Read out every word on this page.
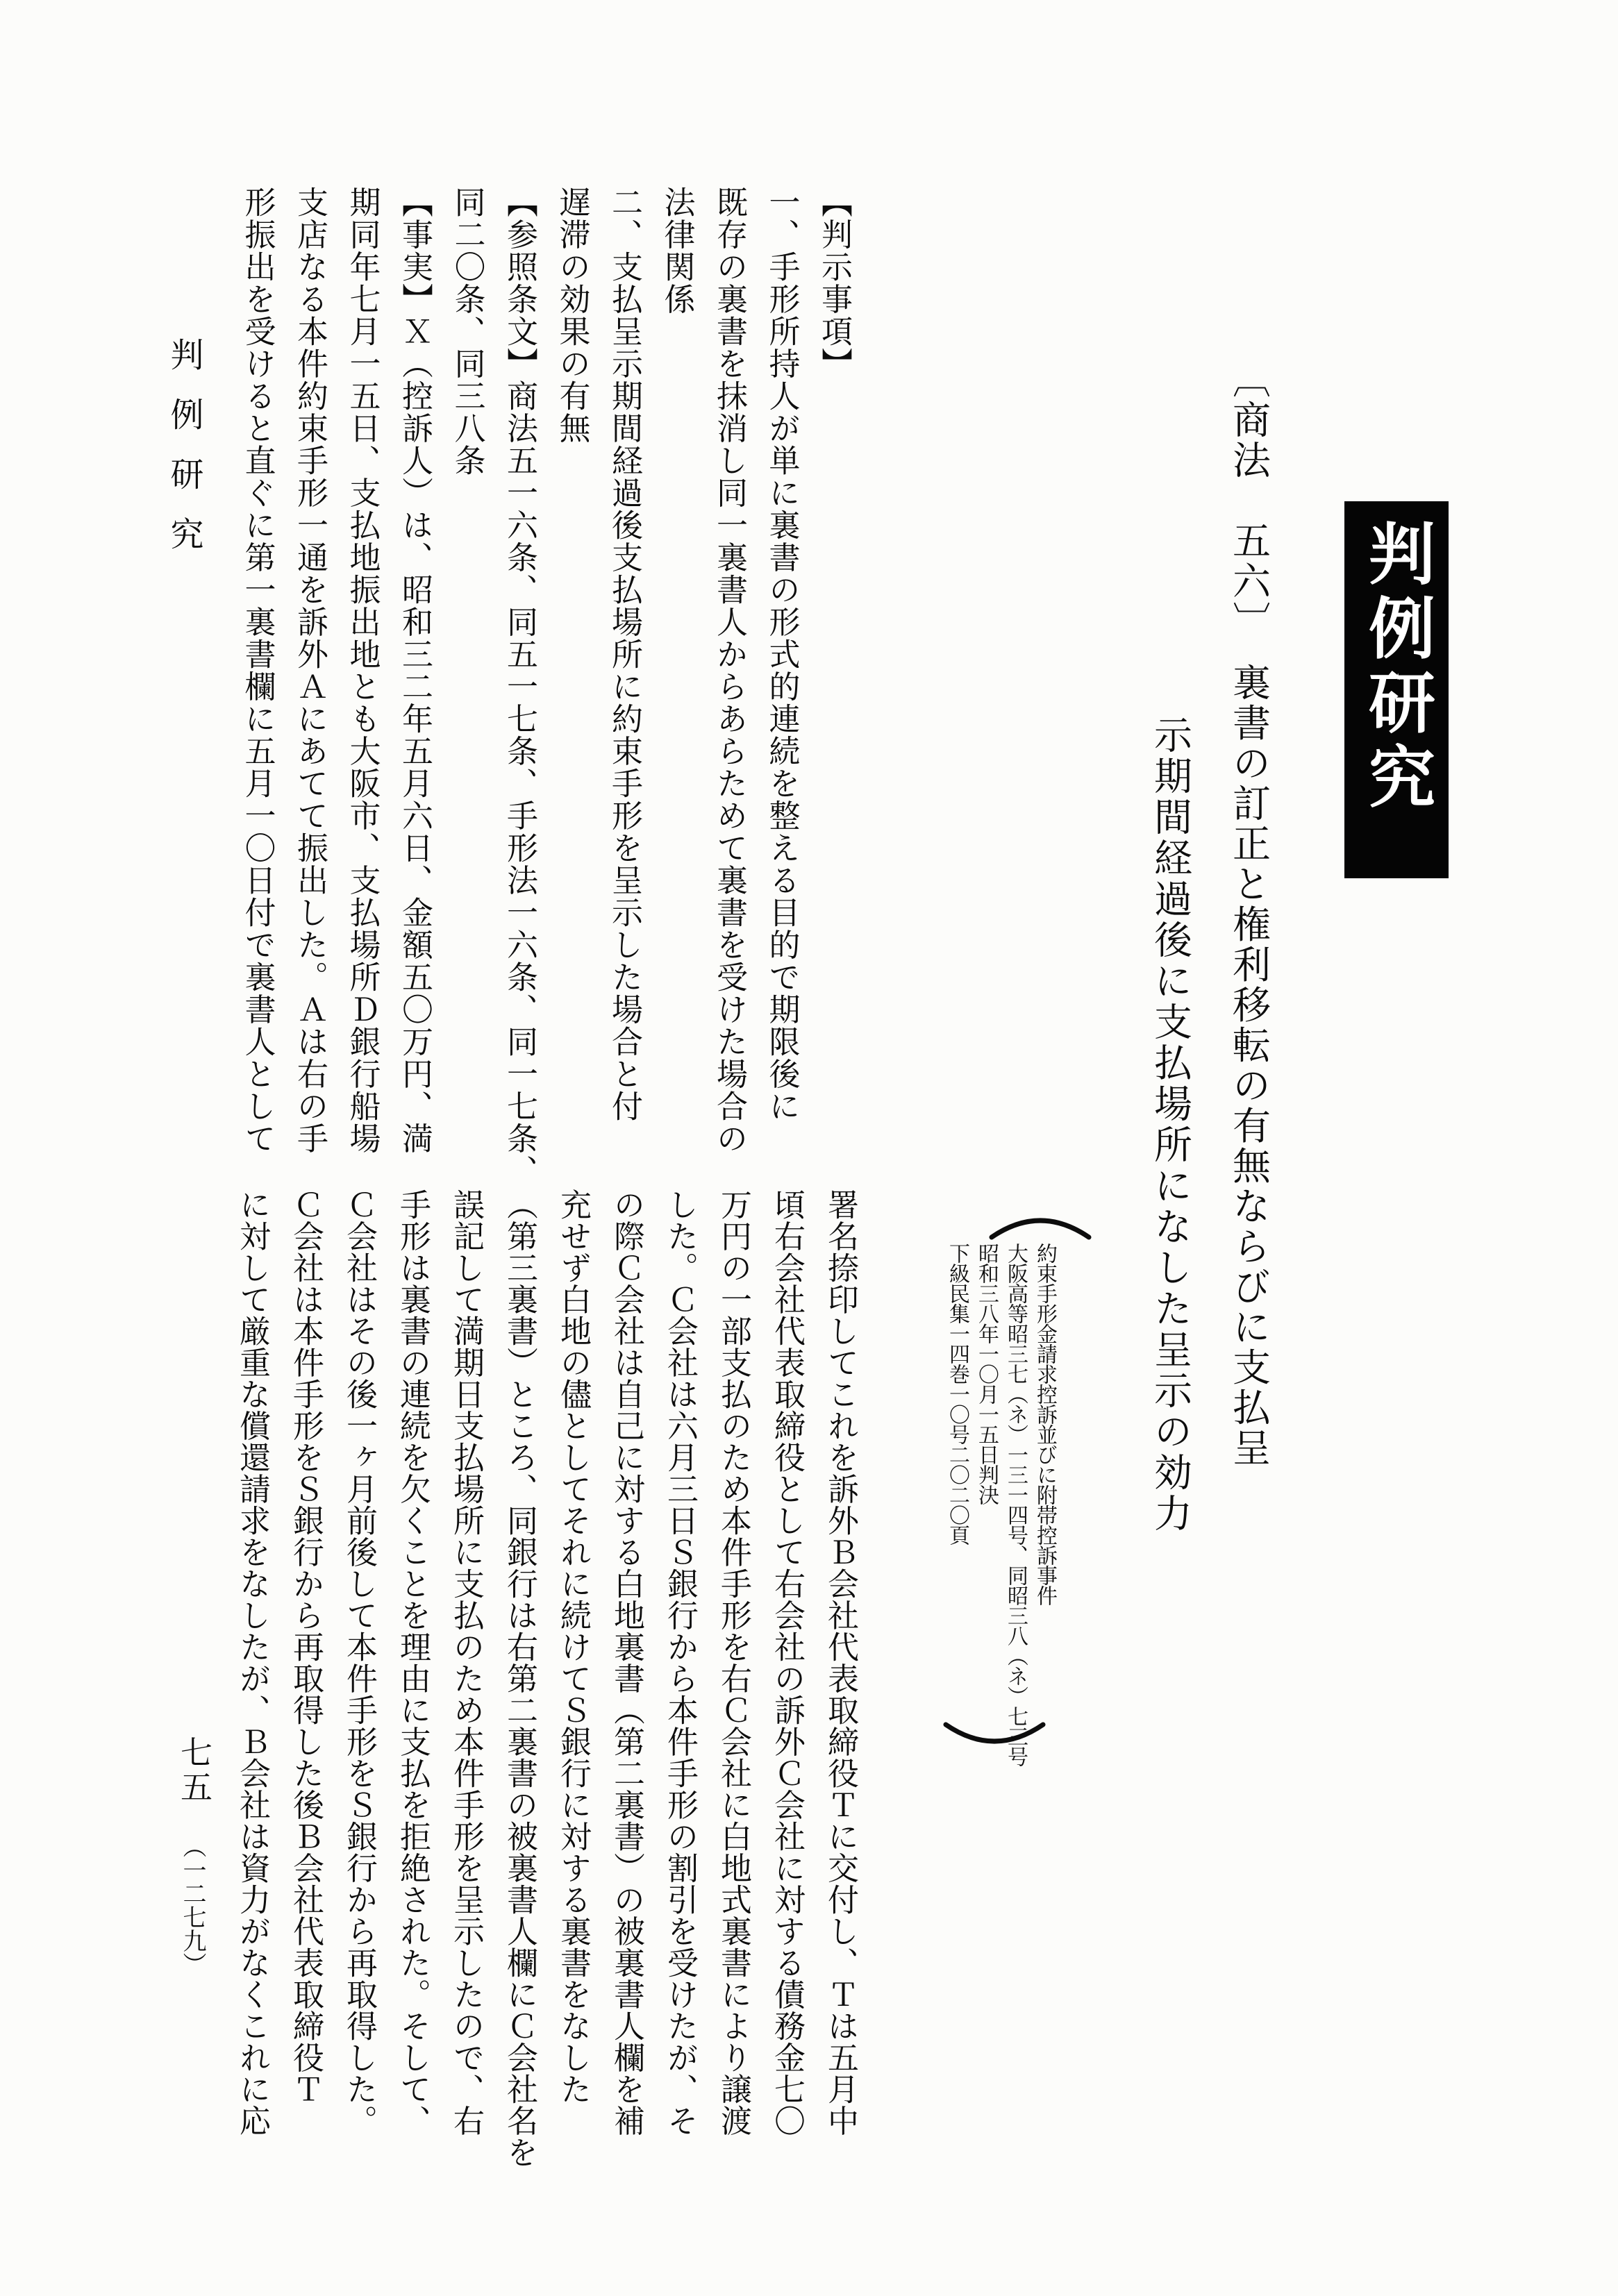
判例研究
〔商法　五六〕　裏書の訂正と権利移転の有無ならびに支払呈
示期間経過後に支払場所になした呈示の効力
約束手形金請求控訴並びに附帯控訴事件
大阪高等昭三七（ネ）一三一四号、同昭三八（ネ）七三号
昭和三八年一〇月一五日判決
下級民集一四巻一〇号二〇二〇頁
【判示事項】
一、手形所持人が単に裏書の形式的連続を整える目的で期限後に
既存の裏書を抹消し同一裏書人からあらためて裏書を受けた場合の
法律関係
二、支払呈示期間経過後支払場所に約束手形を呈示した場合と付
遅滞の効果の有無
【参照条文】商法五一六条、同五一七条、手形法一六条、同一七条、
同二〇条、同三八条
【事実】Ｘ（控訴人）は、昭和三二年五月六日、金額五〇万円、満
期同年七月一五日、支払地振出地とも大阪市、支払場所Ｄ銀行船場
支店なる本件約束手形一通を訴外Ａにあてて振出した。Ａは右の手
形振出を受けると直ぐに第一裏書欄に五月一〇日付で裏書人として
署名捺印してこれを訴外Ｂ会社代表取締役Ｔに交付し、Ｔは五月中
頃右会社代表取締役として右会社の訴外Ｃ会社に対する債務金七〇
万円の一部支払のため本件手形を右Ｃ会社に白地式裏書により譲渡
した。Ｃ会社は六月三日Ｓ銀行から本件手形の割引を受けたが、そ
の際Ｃ会社は自己に対する白地裏書（第二裏書）の被裏書人欄を補
充せず白地の儘としてそれに続けてＳ銀行に対する裏書をなした
（第三裏書）ところ、同銀行は右第二裏書の被裏書人欄にＣ会社名を
誤記して満期日支払場所に支払のため本件手形を呈示したので、右
手形は裏書の連続を欠くことを理由に支払を拒絶された。そして、
Ｃ会社はその後一ヶ月前後して本件手形をＳ銀行から再取得した。
Ｃ会社は本件手形をＳ銀行から再取得した後Ｂ会社代表取締役Ｔ
に対して厳重な償還請求をなしたが、Ｂ会社は資力がなくこれに応
判例研究
七五
（一二七九）
